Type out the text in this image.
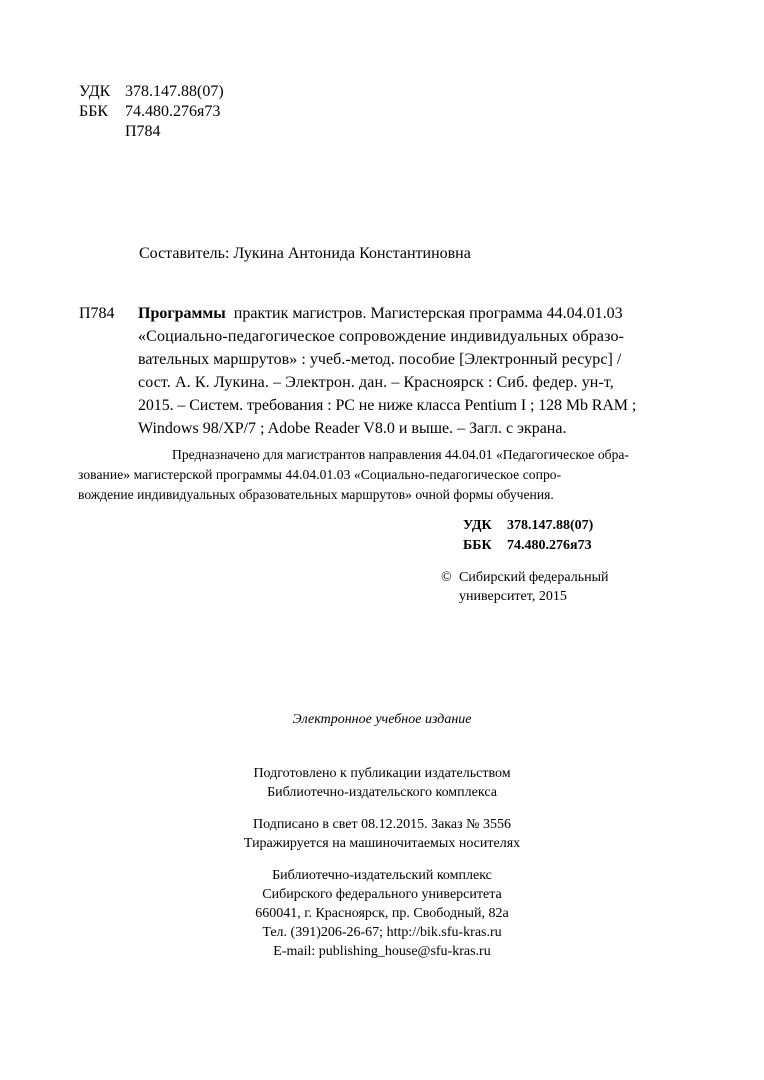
УДК 378.147.88(07)
ББК 74.480.276я73
П784
Составитель: Лукина Антонида Константиновна
П784 Программы практик магистров. Магистерская программа 44.04.01.03
«Социально-педагогическое сопровождение индивидуальных образо-
вательных маршрутов» : учеб.-метод. пособие [Электронный ресурс] /
сост. А. К. Лукина. – Электрон. дан. – Красноярск : Сиб. федер. ун-т,
2015. – Систем. требования : PC не ниже класса Pentium I ; 128 Mb RAM ;
Windows 98/XP/7 ; Adobe Reader V8.0 и выше. – Загл. с экрана.
Предназначено для магистрантов направления 44.04.01 «Педагогическое обра-
зование» магистерской программы 44.04.01.03 «Социально-педагогическое сопро-
вождение индивидуальных образовательных маршрутов» очной формы обучения.
УДК 378.147.88(07)
ББК 74.480.276я73
© Сибирский федеральный
университет, 2015
Электронное учебное издание
Подготовлено к публикации издательством
Библиотечно-издательского комплекса
Подписано в свет 08.12.2015. Заказ № 3556
Тиражируется на машиночитаемых носителях
Библиотечно-издательский комплекс
Сибирского федерального университета
660041, г. Красноярск, пр. Свободный, 82а
Тел. (391)206-26-67; http://bik.sfu-kras.ru
E-mail: publishing_house@sfu-kras.ru
